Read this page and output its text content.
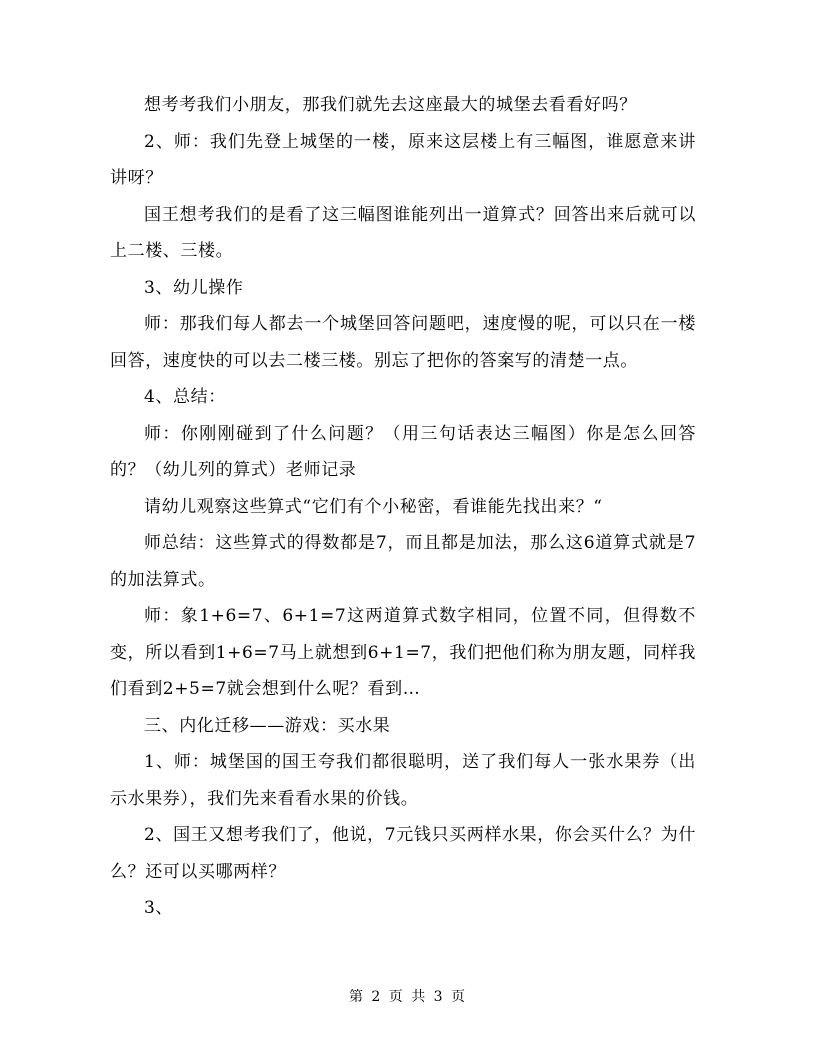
想考考我们小朋友，那我们就先去这座最大的城堡去看看好吗？

2、师：我们先登上城堡的一楼，原来这层楼上有三幅图，谁愿意来讲讲呀？

国王想考我们的是看了这三幅图谁能列出一道算式？回答出来后就可以上二楼、三楼。

3、幼儿操作

师：那我们每人都去一个城堡回答问题吧，速度慢的呢，可以只在一楼回答，速度快的可以去二楼三楼。别忘了把你的答案写的清楚一点。

4、总结：

师：你刚刚碰到了什么问题？（用三句话表达三幅图）你是怎么回答的？（幼儿列的算式）老师记录

请幼儿观察这些算式“它们有个小秘密，看谁能先找出来？“

师总结：这些算式的得数都是7，而且都是加法，那么这6道算式就是7的加法算式。

师：象1+6=7、6+1=7这两道算式数字相同，位置不同，但得数不变，所以看到1+6=7马上就想到6+1=7，我们把他们称为朋友题，同样我们看到2+5=7就会想到什么呢？看到…

三、内化迁移——游戏：买水果

1、师：城堡国的国王夸我们都很聪明，送了我们每人一张水果券（出示水果券），我们先来看看水果的价钱。

2、国王又想考我们了，他说，7元钱只买两样水果，你会买什么？为什么？还可以买哪两样？

3、

第 2 页 共 3 页
